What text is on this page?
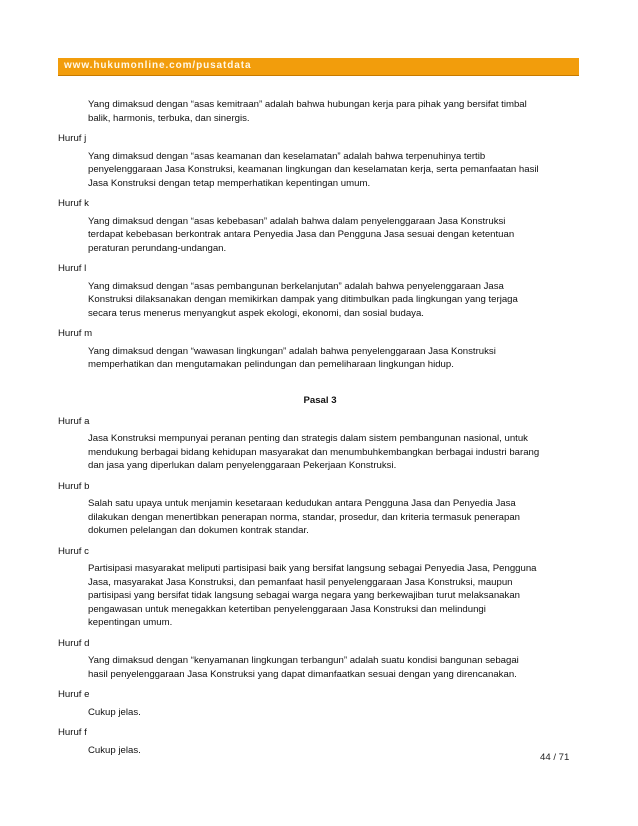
www.hukumonline.com/pusatdata

Yang dimaksud dengan “asas kemitraan” adalah bahwa hubungan kerja para pihak yang bersifat timbal
balik, harmonis, terbuka, dan sinergis.

Huruf j

Yang dimaksud dengan “asas keamanan dan keselamatan” adalah bahwa terpenuhinya tertib
penyelenggaraan Jasa Konstruksi, keamanan lingkungan dan keselamatan kerja, serta pemanfaatan hasil
Jasa Konstruksi dengan tetap memperhatikan kepentingan umum.

Huruf k

Yang dimaksud dengan “asas kebebasan” adalah bahwa dalam penyelenggaraan Jasa Konstruksi
terdapat kebebasan berkontrak antara Penyedia Jasa dan Pengguna Jasa sesuai dengan ketentuan
peraturan perundang-undangan.

Huruf l

Yang dimaksud dengan “asas pembangunan berkelanjutan” adalah bahwa penyelenggaraan Jasa
Konstruksi dilaksanakan dengan memikirkan dampak yang ditimbulkan pada lingkungan yang terjaga
secara terus menerus menyangkut aspek ekologi, ekonomi, dan sosial budaya.

Huruf m

Yang dimaksud dengan “wawasan lingkungan” adalah bahwa penyelenggaraan Jasa Konstruksi
memperhatikan dan mengutamakan pelindungan dan pemeliharaan lingkungan hidup.

Pasal 3
Huruf a

Jasa Konstruksi mempunyai peranan penting dan strategis dalam sistem pembangunan nasional, untuk
mendukung berbagai bidang kehidupan masyarakat dan menumbuhkembangkan berbagai industri barang
dan jasa yang diperlukan dalam penyelenggaraan Pekerjaan Konstruksi.

Huruf b

Salah satu upaya untuk menjamin kesetaraan kedudukan antara Pengguna Jasa dan Penyedia Jasa
dilakukan dengan menertibkan penerapan norma, standar, prosedur, dan kriteria termasuk penerapan
dokumen pelelangan dan dokumen kontrak standar.

Huruf c

Partisipasi masyarakat meliputi partisipasi baik yang bersifat langsung sebagai Penyedia Jasa, Pengguna
Jasa, masyarakat Jasa Konstruksi, dan pemanfaat hasil penyelenggaraan Jasa Konstruksi, maupun
partisipasi yang bersifat tidak langsung sebagai warga negara yang berkewajiban turut melaksanakan
pengawasan untuk menegakkan ketertiban penyelenggaraan Jasa Konstruksi dan melindungi
kepentingan umum.

Huruf d

Yang dimaksud dengan “kenyamanan lingkungan terbangun” adalah suatu kondisi bangunan sebagai
hasil penyelenggaraan Jasa Konstruksi yang dapat dimanfaatkan sesuai dengan yang direncanakan.

Huruf e

Cukup jelas.

Huruf f

Cukup jelas.

44 / 71
